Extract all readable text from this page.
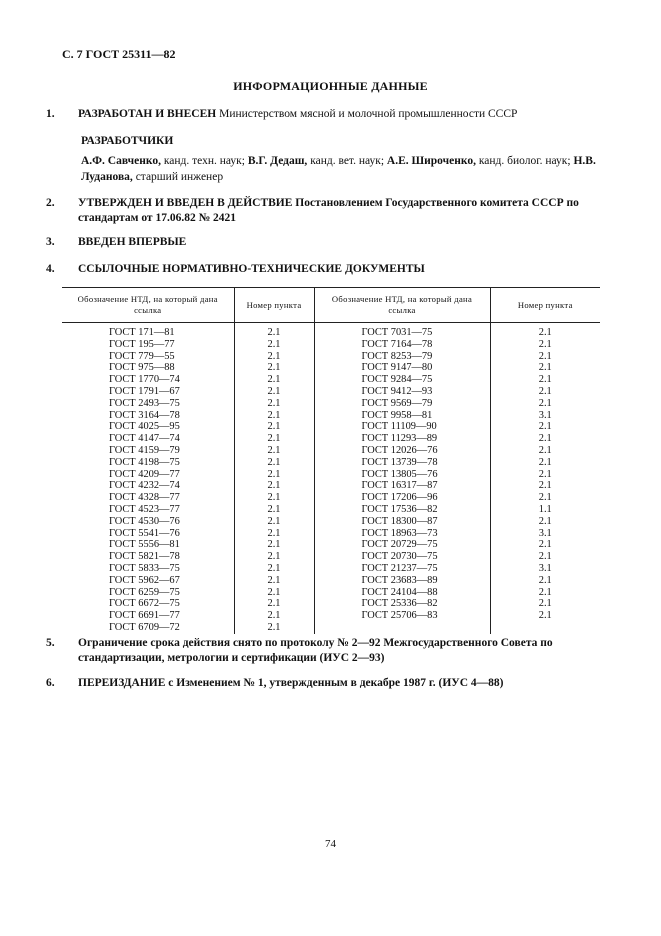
С. 7 ГОСТ 25311—82
ИНФОРМАЦИОННЫЕ ДАННЫЕ
1. РАЗРАБОТАН И ВНЕСЕН Министерством мясной и молочной промышленности СССР
РАЗРАБОТЧИКИ
А.Ф. Савченко, канд. техн. наук; В.Г. Дедаш, канд. вет. наук; А.Е. Широченко, канд. биолог. наук; Н.В. Луданова, старший инженер
2. УТВЕРЖДЕН И ВВЕДЕН В ДЕЙСТВИЕ Постановлением Государственного комитета СССР по стандартам от 17.06.82 № 2421
3. ВВЕДЕН ВПЕРВЫЕ
4. ССЫЛОЧНЫЕ НОРМАТИВНО-ТЕХНИЧЕСКИЕ ДОКУМЕНТЫ
Обозначение НТД, на который дана ссылка	Номер пункта	Обозначение НТД, на который дана ссылка	Номер пункта
ГОСТ 171—81	2.1	ГОСТ 7031—75	2.1
ГОСТ 195—77	2.1	ГОСТ 7164—78	2.1
ГОСТ 779—55	2.1	ГОСТ 8253—79	2.1
ГОСТ 975—88	2.1	ГОСТ 9147—80	2.1
ГОСТ 1770—74	2.1	ГОСТ 9284—75	2.1
ГОСТ 1791—67	2.1	ГОСТ 9412—93	2.1
ГОСТ 2493—75	2.1	ГОСТ 9569—79	2.1
ГОСТ 3164—78	2.1	ГОСТ 9958—81	3.1
ГОСТ 4025—95	2.1	ГОСТ 11109—90	2.1
ГОСТ 4147—74	2.1	ГОСТ 11293—89	2.1
ГОСТ 4159—79	2.1	ГОСТ 12026—76	2.1
ГОСТ 4198—75	2.1	ГОСТ 13739—78	2.1
ГОСТ 4209—77	2.1	ГОСТ 13805—76	2.1
ГОСТ 4232—74	2.1	ГОСТ 16317—87	2.1
ГОСТ 4328—77	2.1	ГОСТ 17206—96	2.1
ГОСТ 4523—77	2.1	ГОСТ 17536—82	1.1
ГОСТ 4530—76	2.1	ГОСТ 18300—87	2.1
ГОСТ 5541—76	2.1	ГОСТ 18963—73	3.1
ГОСТ 5556—81	2.1	ГОСТ 20729—75	2.1
ГОСТ 5821—78	2.1	ГОСТ 20730—75	2.1
ГОСТ 5833—75	2.1	ГОСТ 21237—75	3.1
ГОСТ 5962—67	2.1	ГОСТ 23683—89	2.1
ГОСТ 6259—75	2.1	ГОСТ 24104—88	2.1
ГОСТ 6672—75	2.1	ГОСТ 25336—82	2.1
ГОСТ 6691—77	2.1	ГОСТ 25706—83	2.1
ГОСТ 6709—72	2.1		
5. Ограничение срока действия снято по протоколу № 2—92 Межгосударственного Совета по стандартизации, метрологии и сертификации (ИУС 2—93)
6. ПЕРЕИЗДАНИЕ с Изменением № 1, утвержденным в декабре 1987 г. (ИУС 4—88)
74
